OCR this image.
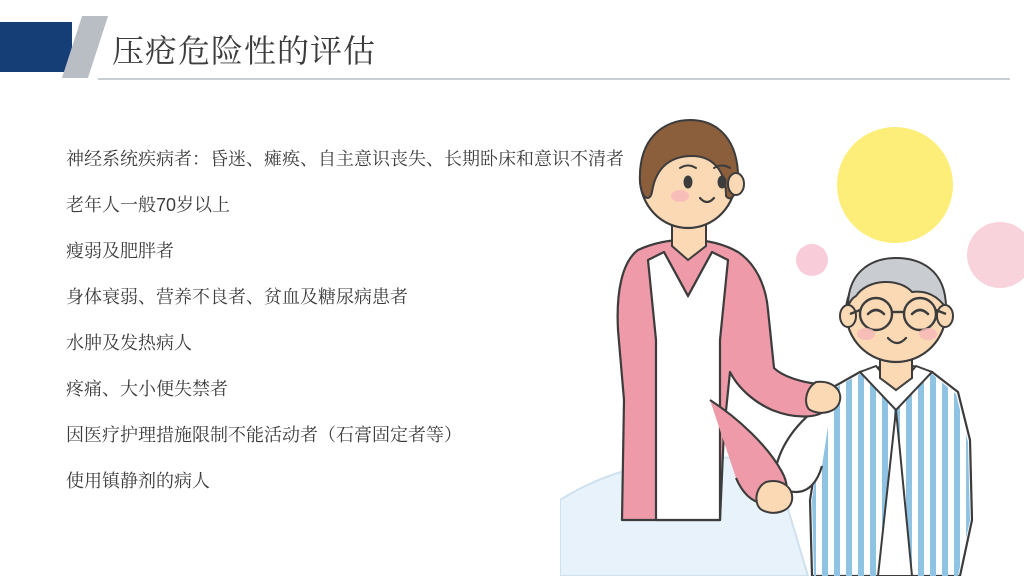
压疮危险性的评估
神经系统疾病者：昏迷、瘫痪、自主意识丧失、长期卧床和意识不清者
老年人一般70岁以上
瘦弱及肥胖者
身体衰弱、营养不良者、贫血及糖尿病患者
水肿及发热病人
疼痛、大小便失禁者
因医疗护理措施限制不能活动者（石膏固定者等）
使用镇静剂的病人
